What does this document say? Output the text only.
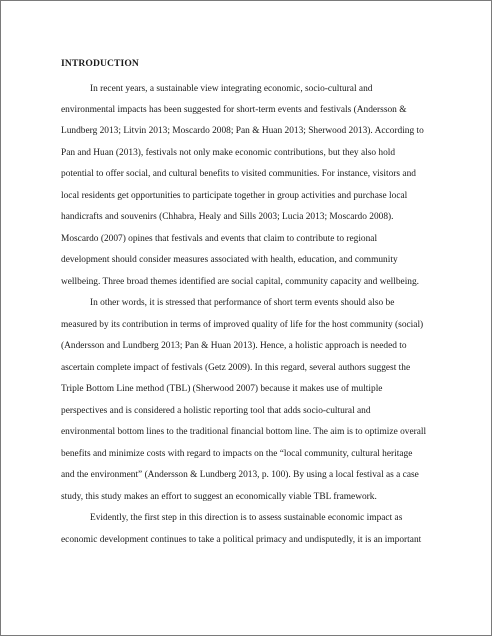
INTRODUCTION
In recent years, a sustainable view integrating economic, socio-cultural and
environmental impacts has been suggested for short-term events and festivals (Andersson &
Lundberg 2013; Litvin 2013; Moscardo 2008; Pan & Huan 2013; Sherwood 2013). According to
Pan and Huan (2013), festivals not only make economic contributions, but they also hold
potential to offer social, and cultural benefits to visited communities. For instance, visitors and
local residents get opportunities to participate together in group activities and purchase local
handicrafts and souvenirs (Chhabra, Healy and Sills 2003; Lucia 2013; Moscardo 2008).
Moscardo (2007) opines that festivals and events that claim to contribute to regional
development should consider measures associated with health, education, and community
wellbeing. Three broad themes identified are social capital, community capacity and wellbeing.
In other words, it is stressed that performance of short term events should also be
measured by its contribution in terms of improved quality of life for the host community (social)
(Andersson and Lundberg 2013; Pan & Huan 2013). Hence, a holistic approach is needed to
ascertain complete impact of festivals (Getz 2009). In this regard, several authors suggest the
Triple Bottom Line method (TBL) (Sherwood 2007) because it makes use of multiple
perspectives and is considered a holistic reporting tool that adds socio-cultural and
environmental bottom lines to the traditional financial bottom line. The aim is to optimize overall
benefits and minimize costs with regard to impacts on the “local community, cultural heritage
and the environment” (Andersson & Lundberg 2013, p. 100). By using a local festival as a case
study, this study makes an effort to suggest an economically viable TBL framework.
Evidently, the first step in this direction is to assess sustainable economic impact as
economic development continues to take a political primacy and undisputedly, it is an important
